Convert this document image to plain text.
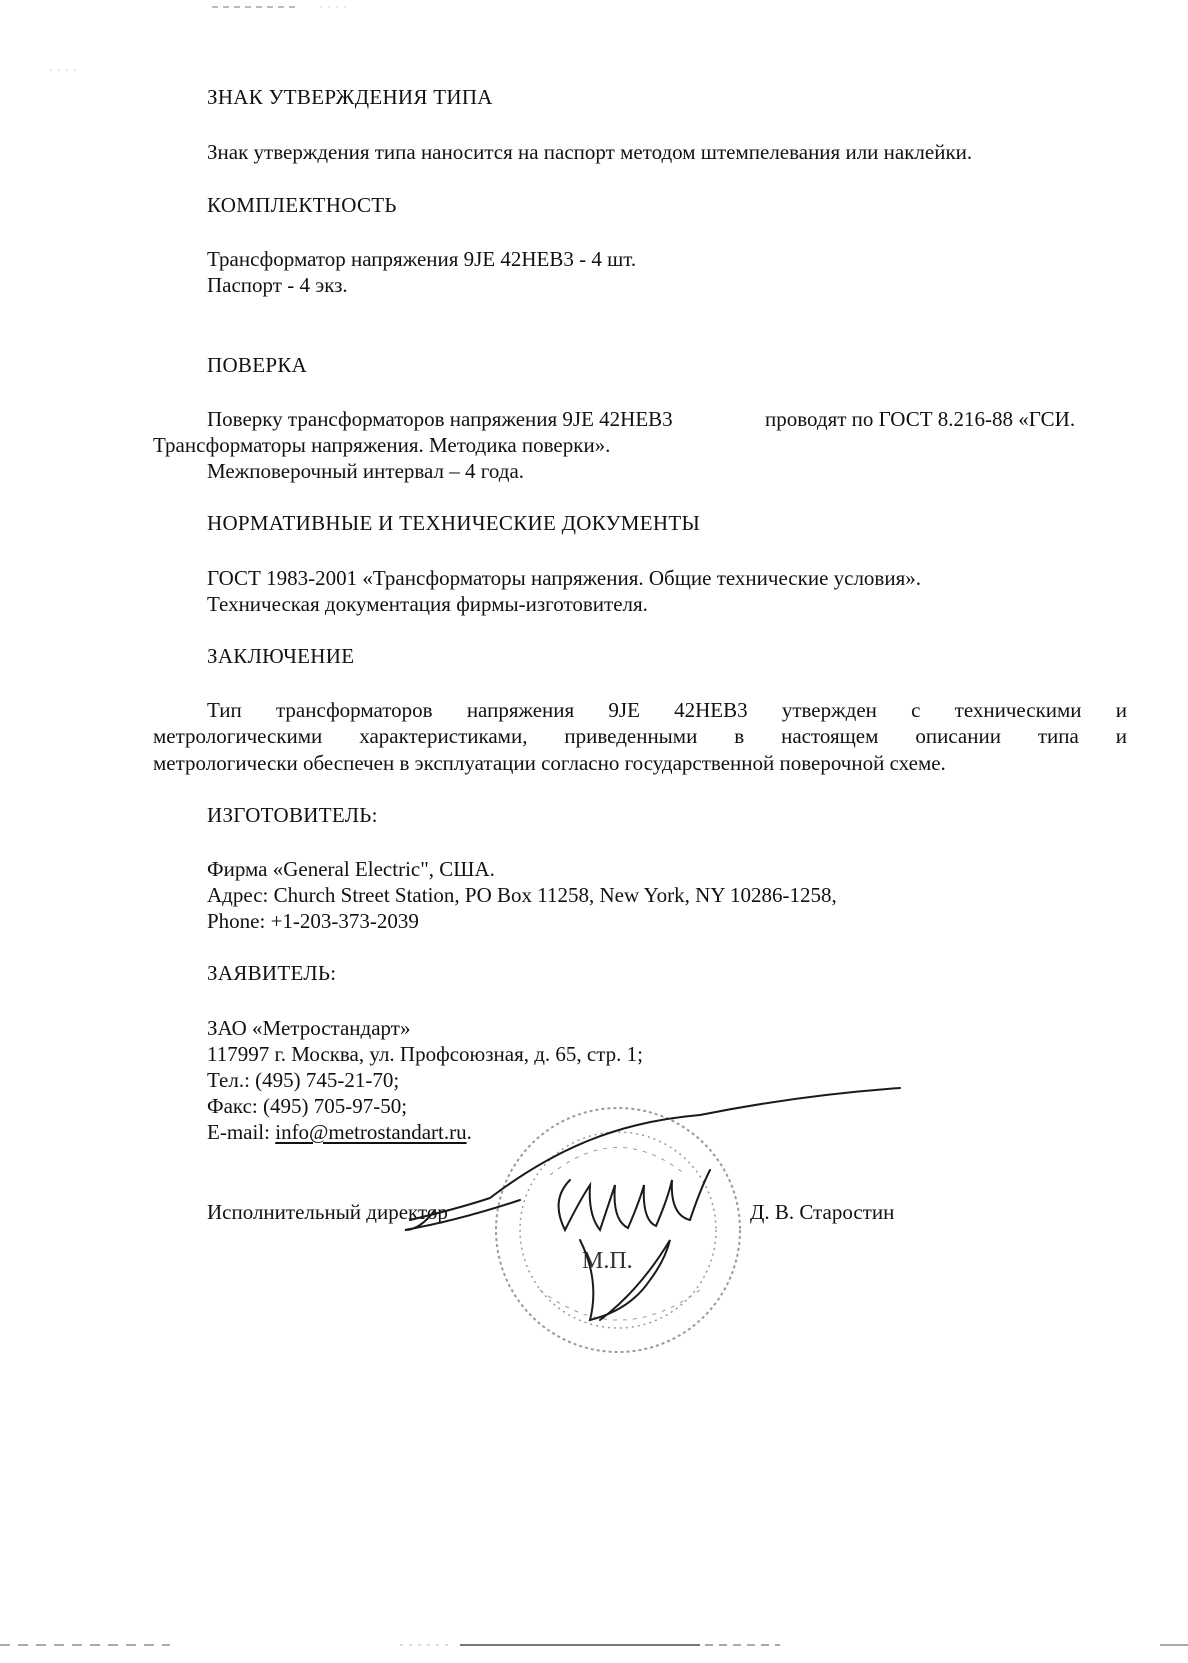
ЗНАК УТВЕРЖДЕНИЯ ТИПА

Знак утверждения типа наносится на паспорт методом штемпелевания или наклейки.

КОМПЛЕКТНОСТЬ

Трансформатор напряжения 9JE 42HEB3 - 4 шт.

Паспорт - 4 экз.

ПОВЕРКА

Поверку трансформаторов напряжения 9JE 42HEB3	проводят по ГОСТ 8.216-88 «ГСИ.

Трансформаторы напряжения. Методика поверки».

Межповерочный интервал – 4 года.

НОРМАТИВНЫЕ И ТЕХНИЧЕСКИЕ ДОКУМЕНТЫ

ГОСТ 1983-2001 «Трансформаторы напряжения. Общие технические условия».

Техническая документация фирмы-изготовителя.

ЗАКЛЮЧЕНИЕ

Тип трансформаторов напряжения 9JE 42HEB3 утвержден с техническими и

метрологическими характеристиками, приведенными в настоящем описании типа и

метрологически обеспечен в эксплуатации согласно государственной поверочной схеме.

ИЗГОТОВИТЕЛЬ:

Фирма «General Electric", США.

Адрес: Church Street Station, PO Box 11258, New York, NY 10286-1258,

Phone: +1-203-373-2039

ЗАЯВИТЕЛЬ:

ЗАО «Метростандарт»

117997 г. Москва, ул. Профсоюзная, д. 65, стр. 1;

Тел.: (495) 745-21-70;

Факс: (495) 705-97-50;

E-mail: info@metrostandart.ru.

Исполнительный директор	Д. В. Старостин

М.П.
